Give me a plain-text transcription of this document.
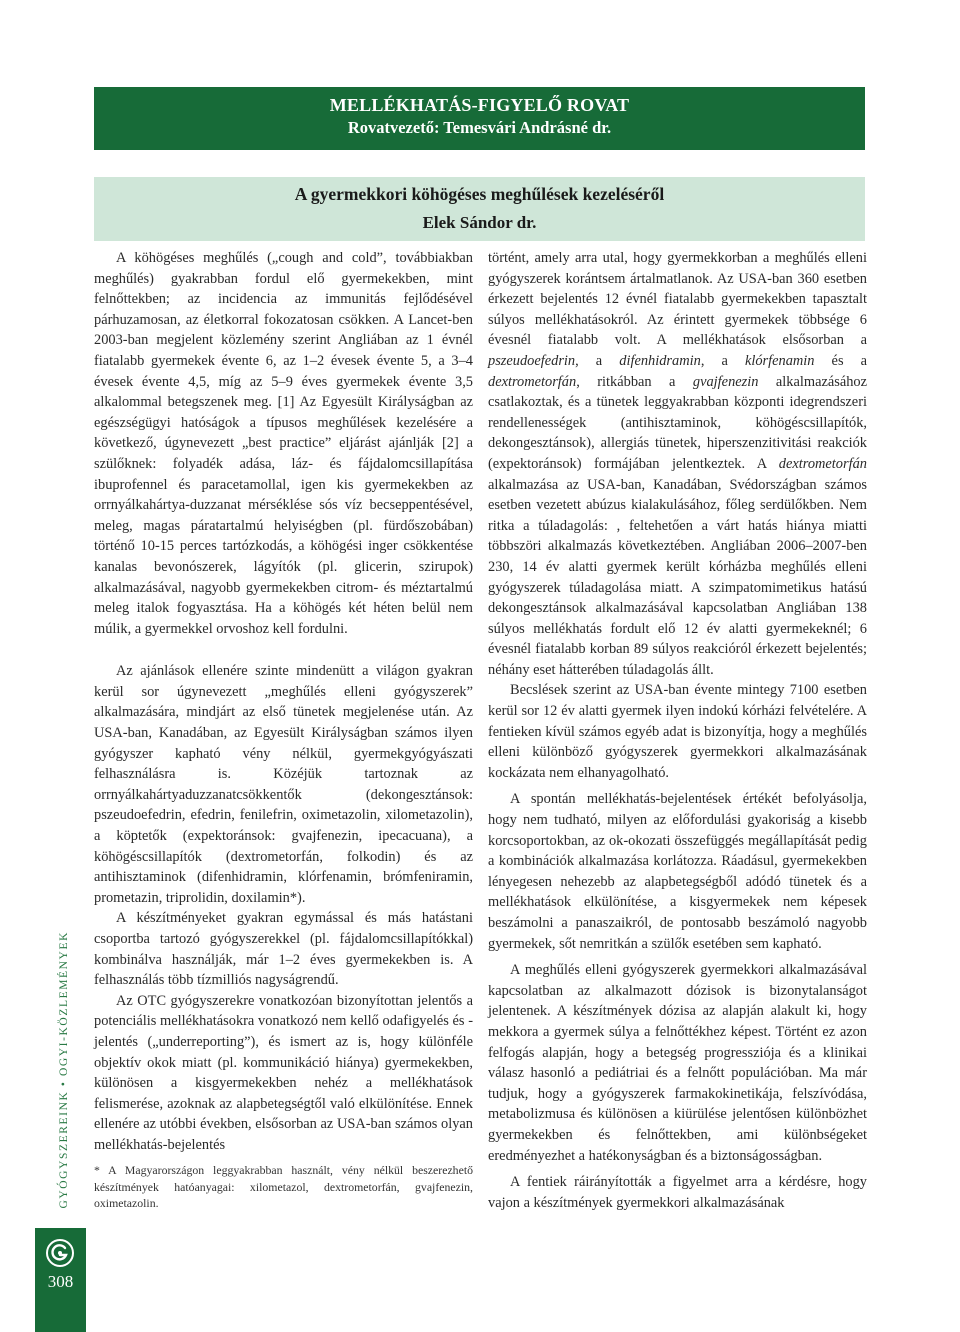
MELLÉKHATÁS-FIGYELŐ ROVAT
Rovatvezető: Temesvári Andrásné dr.
A gyermekkori köhögéses meghűlések kezeléséről
Elek Sándor dr.

A köhögéses meghűlés („cough and cold”, továbbiakban meghűlés) gyakrabban fordul elő gyermekekben, mint felnőttekben; az incidencia az immunitás fejlődésével párhuzamosan, az életkorral fokozatosan csökken. A Lancet-ben 2003-ban megjelent közlemény szerint Angliában az 1 évnél fiatalabb gyermekek évente 6, az 1–2 évesek évente 5, a 3–4 évesek évente 4,5, míg az 5–9 éves gyermekek évente 3,5 alkalommal betegszenek meg. [1] Az Egyesült Királyságban az egészségügyi hatóságok a típusos meghűlések kezelésére a következő, úgynevezett „best practice” eljárást ajánlják [2] a szülőknek: folyadék adása, láz- és fájdalomcsillapítása ibuprofennel és paracetamollal, igen kis gyermekekben az orrnyálkahártya-duzzanat mérséklése sós víz becseppentésével, meleg, magas páratartalmú helyiségben (pl. fürdőszobában) történő 10-15 perces tartózkodás, a köhögési inger csökkentése kanalas bevonószerek, lágyítók (pl. glicerin, szirupok) alkalmazásával, nagyobb gyermekekben citrom- és méztartalmú meleg italok fogyasztása. Ha a köhögés két héten belül nem múlik, a gyermekkel orvoshoz kell fordulni.

Az ajánlások ellenére szinte mindenütt a világon gyakran kerül sor úgynevezett „meghűlés elleni gyógyszerek” alkalmazására, mindjárt az első tünetek megjelenése után. Az USA-ban, Kanadában, az Egyesült Királyságban számos ilyen gyógyszer kapható vény nélkül, gyermekgyógyászati felhasználásra is. Közéjük tartoznak az orrnyálkahártyaduzzanatcsökkentők (dekongesztánsok: pszeudoefedrin, efedrin, fenilefrin, oximetazolin, xilometazolin), a köptetők (expektoránsok: gvajfenezin, ipecacuana), a köhögéscsillapítók (dextrometorfán, folkodin) és az antihisztaminok (difenhidramin, klórfenamin, brómfeniramin, prometazin, triprolidin, doxilamin*).

A készítményeket gyakran egymással és más hatástani csoportba tartozó gyógyszerekkel (pl. fájdalomcsillapítókkal) kombinálva használják, már 1–2 éves gyermekekben is. A felhasználás több tízmilliós nagyságrendű.

Az OTC gyógyszerekre vonatkozóan bizonyítottan jelentős a potenciális mellékhatásokra vonatkozó nem kellő odafigyelés és -jelentés („underreporting”), és ismert az is, hogy különféle objektív okok miatt (pl. kommunikáció hiánya) gyermekekben, különösen a kisgyermekekben nehéz a mellékhatások felismerése, azoknak az alapbetegségtől való elkülönítése. Ennek ellenére az utóbbi években, elsősorban az USA-ban számos olyan mellékhatás-bejelentés

történt, amely arra utal, hogy gyermekkorban a meghűlés elleni gyógyszerek korántsem ártalmatlanok. Az USA-ban 360 esetben érkezett bejelentés 12 évnél fiatalabb gyermekekben tapasztalt súlyos mellékhatásokról. Az érintett gyermekek többsége 6 évesnél fiatalabb volt. A mellékhatások elsősorban a pszeudoefedrin, a difenhidramin, a klórfenamin és a dextrometorfán, ritkábban a gvajfenezin alkalmazásához csatlakoztak, és a tünetek leggyakrabban központi idegrendszeri rendellenességek (antihisztaminok, köhögéscsillapítók, dekongesztánsok), allergiás tünetek, hiperszenzitivitási reakciók (expektoránsok) formájában jelentkeztek. A dextrometorfán alkalmazása az USA-ban, Kanadában, Svédországban számos esetben vezetett abúzus kialakulásához, főleg serdülőkben. Nem ritka a túladagolás: , feltehetően a várt hatás hiánya miatti többszöri alkalmazás következtében. Angliában 2006–2007-ben 230, 14 év alatti gyermek került kórházba meghűlés elleni gyógyszerek túladagolása miatt. A szimpatomimetikus hatású dekongesztánsok alkalmazásával kapcsolatban Angliában 138 súlyos mellékhatás fordult elő 12 év alatti gyermekeknél; 6 évesnél fiatalabb korban 89 súlyos reakcióról érkezett bejelentés; néhány eset hátterében túladagolás állt.

Becslések szerint az USA-ban évente mintegy 7100 esetben kerül sor 12 év alatti gyermek ilyen indokú kórházi felvételére. A fentieken kívül számos egyéb adat is bizonyítja, hogy a meghűlés elleni különböző gyógyszerek gyermekkori alkalmazásának kockázata nem elhanyagolható.

A spontán mellékhatás-bejelentések értékét befolyásolja, hogy nem tudható, milyen az előfordulási gyakoriság a kisebb korcsoportokban, az ok-okozati összefüggés megállapítását pedig a kombinációk alkalmazása korlátozza. Ráadásul, gyermekekben lényegesen nehezebb az alapbetegségből adódó tünetek és a mellékhatások elkülönítése, a kisgyermekek nem képesek beszámolni a panaszaikról, de pontosabb beszámoló nagyobb gyermekek, sőt nemritkán a szülők esetében sem kapható.

A meghűlés elleni gyógyszerek gyermekkori alkalmazásával kapcsolatban az alkalmazott dózisok is bizonytalanságot jelentenek. A készítmények dózisa az alapján alakult ki, hogy mekkora a gyermek súlya a felnőttékhez képest. Történt ez azon felfogás alapján, hogy a betegség progressziója és a klinikai válasz hasonló a pediátriai és a felnőtt populációban. Ma már tudjuk, hogy a gyógyszerek farmakokinetikája, felszívódása, metabolizmusa és különösen a kiürülése jelentősen különbözhet gyermekekben és felnőttekben, ami különbségeket eredményezhet a hatékonyságban és a biztonságosságban.

A fentiek ráirányították a figyelmet arra a kérdésre, hogy vajon a készítmények gyermekkori alkalmazásának

* A Magyarországon leggyakrabban használt, vény nélkül beszerezhető készítmények hatóanyagai: xilometazol, dextrometorfán, gvajfenezin, oximetazolin.
GYÓGYSZEREINK • OGYI-KÖZLEMÉNYEK
308
